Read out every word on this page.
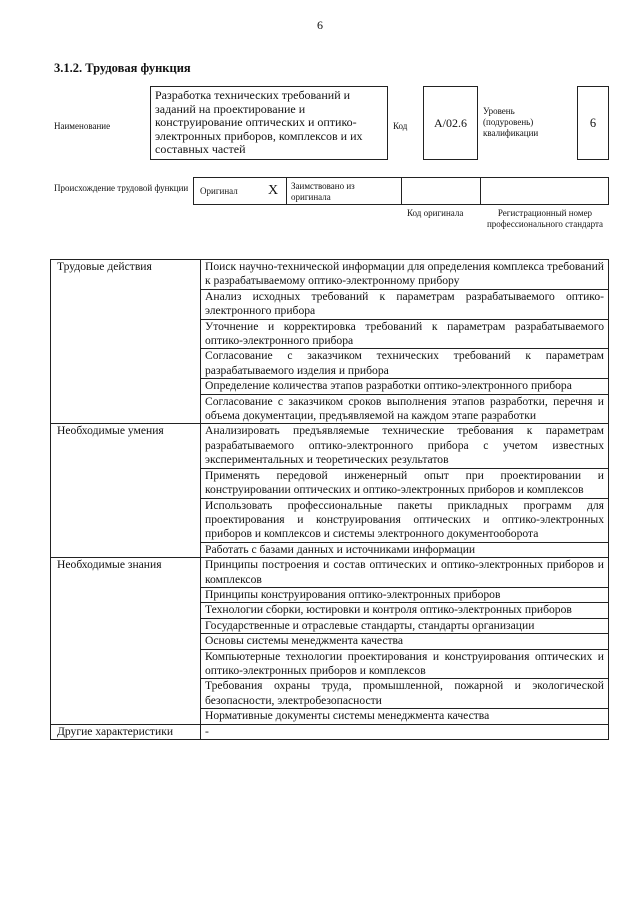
6
3.1.2. Трудовая функция
Наименование
Разработка технических требований и заданий на проектирование и конструирование оптических и оптико-электронных приборов, комплексов и их составных частей
Код А/02.6
Уровень (подуровень) квалификации
6
Происхождение трудовой функции	Оригинал X Заимствовано из оригинала
Код оригинала	Регистрационный номер профессионального стандарта
Трудовые действия	Поиск научно-технической информации для определения комплекса требований к разрабатываемому оптико-электронному прибору
	Анализ исходных требований к параметрам разрабатываемого оптико-электронного прибора
	Уточнение и корректировка требований к параметрам разрабатываемого оптико-электронного прибора
	Согласование с заказчиком технических требований к параметрам разрабатываемого изделия и прибора
	Определение количества этапов разработки оптико-электронного прибора
	Согласование с заказчиком сроков выполнения этапов разработки, перечня и объема документации, предъявляемой на каждом этапе разработки
Необходимые умения	Анализировать предъявляемые технические требования к параметрам разрабатываемого оптико-электронного прибора с учетом известных экспериментальных и теоретических результатов
	Применять передовой инженерный опыт при проектировании и конструировании оптических и оптико-электронных приборов и комплексов
	Использовать профессиональные пакеты прикладных программ для проектирования и конструирования оптических и оптико-электронных приборов и комплексов и системы электронного документооборота
	Работать с базами данных и источниками информации
Необходимые знания	Принципы построения и состав оптических и оптико-электронных приборов и комплексов
	Принципы конструирования оптико-электронных приборов
	Технологии сборки, юстировки и контроля оптико-электронных приборов
	Государственные и отраслевые стандарты, стандарты организации
	Основы системы менеджмента качества
	Компьютерные технологии проектирования и конструирования оптических и оптико-электронных приборов и комплексов
	Требования охраны труда, промышленной, пожарной и экологической безопасности, электробезопасности
	Нормативные документы системы менеджмента качества
Другие характеристики	-
